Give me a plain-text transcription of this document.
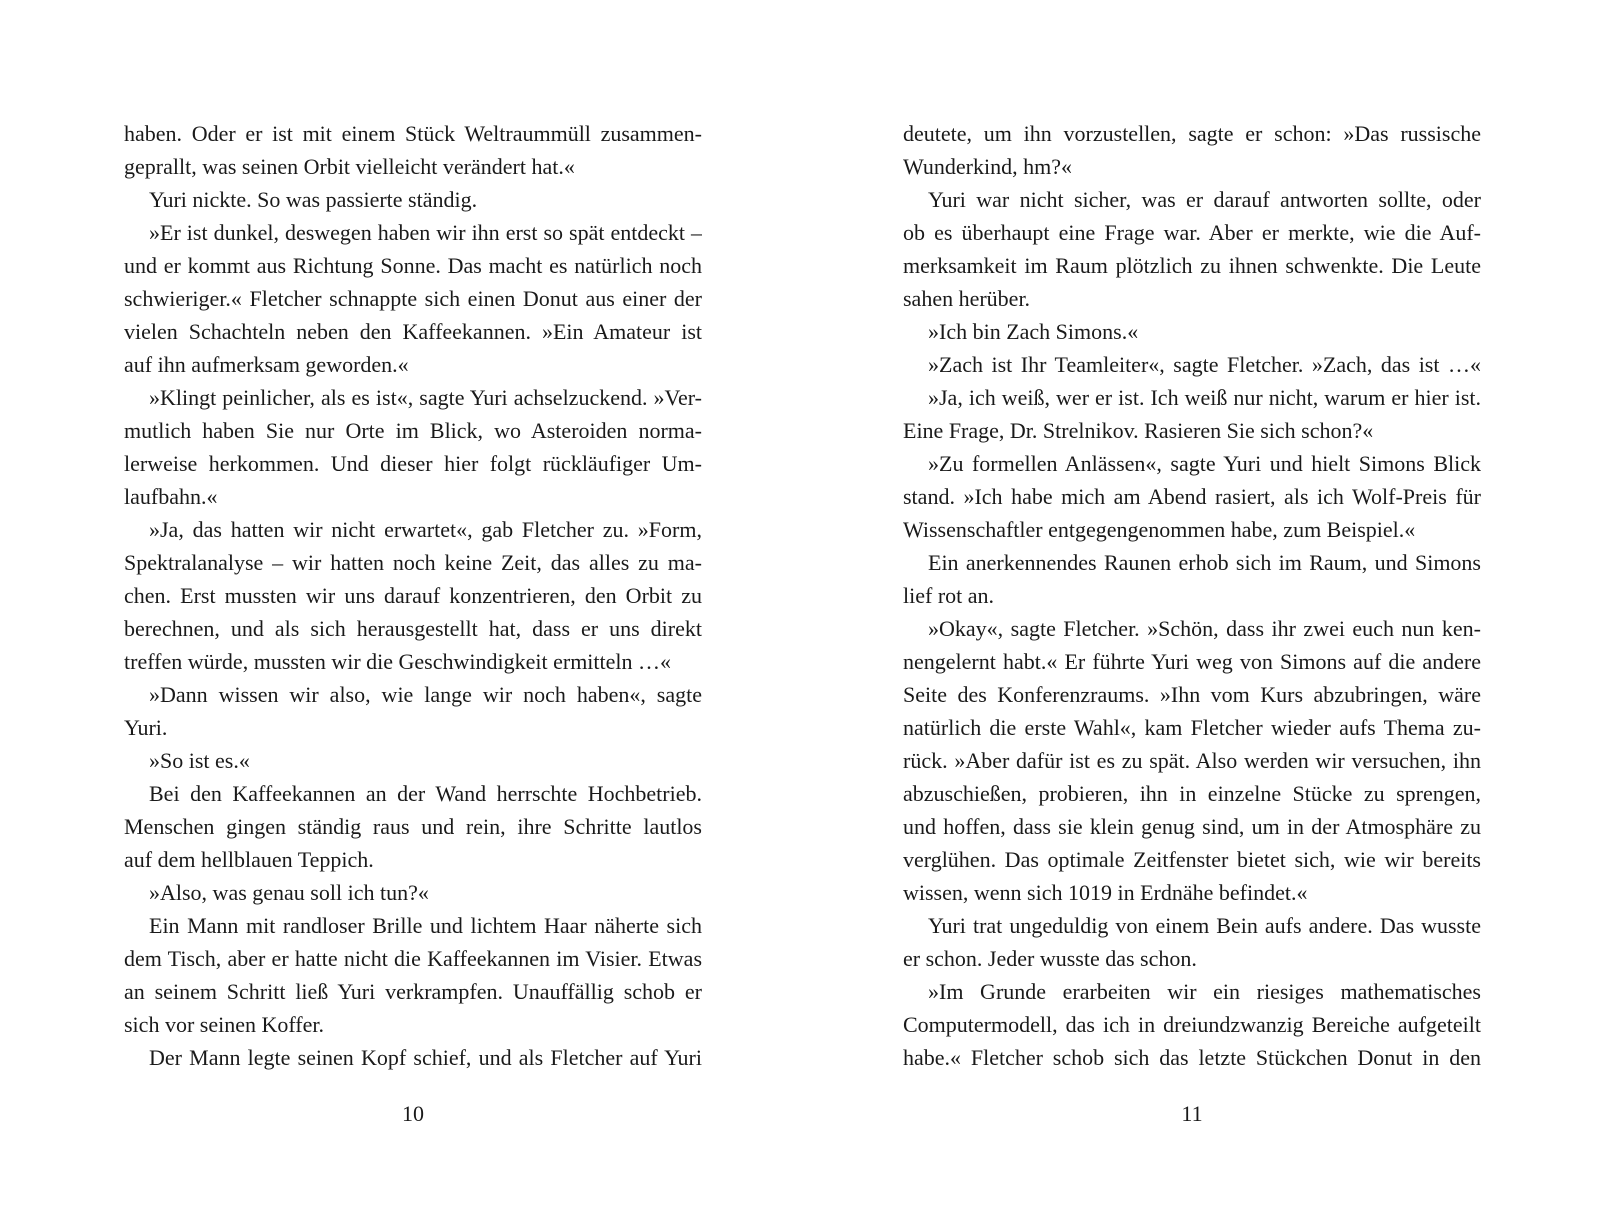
haben. Oder er ist mit einem Stück Weltraummüll zusammen-
geprallt, was seinen Orbit vielleicht verändert hat.«
Yuri nickte. So was passierte ständig.
»Er ist dunkel, deswegen haben wir ihn erst so spät entdeckt –
und er kommt aus Richtung Sonne. Das macht es natürlich noch
schwieriger.« Fletcher schnappte sich einen Donut aus einer der
vielen Schachteln neben den Kaffeekannen. »Ein Amateur ist
auf ihn aufmerksam geworden.«
»Klingt peinlicher, als es ist«, sagte Yuri achselzuckend. »Ver-
mutlich haben Sie nur Orte im Blick, wo Asteroiden norma-
lerweise herkommen. Und dieser hier folgt rückläufiger Um-
laufbahn.«
»Ja, das hatten wir nicht erwartet«, gab Fletcher zu. »Form,
Spektralanalyse – wir hatten noch keine Zeit, das alles zu ma-
chen. Erst mussten wir uns darauf konzentrieren, den Orbit zu
berechnen, und als sich herausgestellt hat, dass er uns direkt
treffen würde, mussten wir die Geschwindigkeit ermitteln …«
»Dann wissen wir also, wie lange wir noch haben«, sagte
Yuri.
»So ist es.«
Bei den Kaffeekannen an der Wand herrschte Hochbetrieb.
Menschen gingen ständig raus und rein, ihre Schritte lautlos
auf dem hellblauen Teppich.
»Also, was genau soll ich tun?«
Ein Mann mit randloser Brille und lichtem Haar näherte sich
dem Tisch, aber er hatte nicht die Kaffeekannen im Visier. Etwas
an seinem Schritt ließ Yuri verkrampfen. Unauffällig schob er
sich vor seinen Koffer.
Der Mann legte seinen Kopf schief, und als Fletcher auf Yuri
deutete, um ihn vorzustellen, sagte er schon: »Das russische
Wunderkind, hm?«
Yuri war nicht sicher, was er darauf antworten sollte, oder
ob es überhaupt eine Frage war. Aber er merkte, wie die Auf-
merksamkeit im Raum plötzlich zu ihnen schwenkte. Die Leute
sahen herüber.
»Ich bin Zach Simons.«
»Zach ist Ihr Teamleiter«, sagte Fletcher. »Zach, das ist …«
»Ja, ich weiß, wer er ist. Ich weiß nur nicht, warum er hier ist.
Eine Frage, Dr. Strelnikov. Rasieren Sie sich schon?«
»Zu formellen Anlässen«, sagte Yuri und hielt Simons Blick
stand. »Ich habe mich am Abend rasiert, als ich Wolf-Preis für
Wissenschaftler entgegengenommen habe, zum Beispiel.«
Ein anerkennendes Raunen erhob sich im Raum, und Simons
lief rot an.
»Okay«, sagte Fletcher. »Schön, dass ihr zwei euch nun ken-
nengelernt habt.« Er führte Yuri weg von Simons auf die andere
Seite des Konferenzraums. »Ihn vom Kurs abzubringen, wäre
natürlich die erste Wahl«, kam Fletcher wieder aufs Thema zu-
rück. »Aber dafür ist es zu spät. Also werden wir versuchen, ihn
abzuschießen, probieren, ihn in einzelne Stücke zu sprengen,
und hoffen, dass sie klein genug sind, um in der Atmosphäre zu
verglühen. Das optimale Zeitfenster bietet sich, wie wir bereits
wissen, wenn sich 1019 in Erdnähe befindet.«
Yuri trat ungeduldig von einem Bein aufs andere. Das wusste
er schon. Jeder wusste das schon.
»Im Grunde erarbeiten wir ein riesiges mathematisches
Computermodell, das ich in dreiundzwanzig Bereiche aufgeteilt
habe.« Fletcher schob sich das letzte Stückchen Donut in den
10	11
